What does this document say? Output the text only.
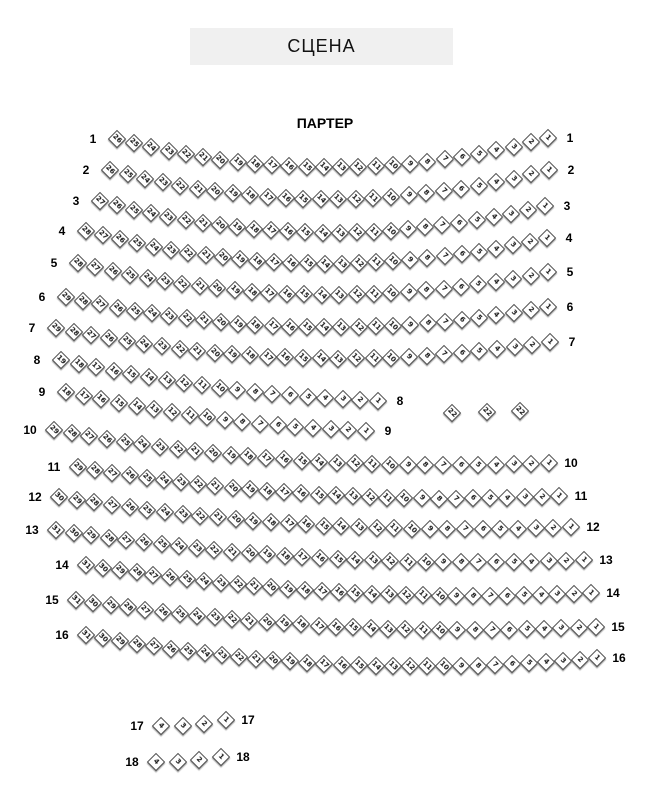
СЦЕНА
ПАРТЕР
1	1
26 25 24 23 22 21 20 19 18 17 16 15 14 13 12 11 10 9 8 7 6 5 4 3 2 1
2	2
26 25 24 23 22 21 20 19 18 17 16 15 14 13 12 11 10 9 8 7 6 5 4 3 2 1
3	3
27 26 25 24 23 22 21 20 19 18 17 16 15 14 13 12 11 10 9 8 7 6 5 4 3 2 1
4	4
28 27 26 25 24 23 22 21 20 19 18 17 16 15 14 13 12 11 10 9 8 7 6 5 4 3 2 1
5
5
28 27 26 25 24 23 22 21 20 19 18 17 16 15 14 13 12 11 10 9 8 7 6 5 4 3 2 1
6
6
29 28 27 26 25 24 23 22 21 20 19 18 17 16 15 14 13 12 11 10 9 8 7 6 5 4 3 2 1
7
7
29 28 27 26 25 24 23 22 21 20 19 18 17 16 15 14 13 12 11 10 9 8 7 6 5 4 3 2 1
8
8
19 18 17 16 15 14 13 12 11 10 9 8 7 6 5 4 3 2 1
9
9
18 17 16 15 14 13 12 11 10 9 8 7 6 5 4 3 2 1
10
10
29 28 27 26 25 24 23 22 21 20 19 18 17 16 15 14 13 12 11 10 9 8 7 6 5 4 3 2 1
11
11
29 28 27 26 25 24 23 22 21 20 19 18 17 16 15 14 13 12 11 10 9 8 7 6 5 4 3 2 1
12
12
30 29 28 27 26 25 24 23 22 21 20 19 18 17 16 15 14 13 12 11 10 9 8 7 6 5 4 3 2 1
13
13
31 30 29 28 27 26 25 24 23 22 21 20 19 18 17 16 15 14 13 12 11 10 9 8 7 6 5 4 3 2 1
14
14
31 30 29 28 27 26 25 24 23 22 21 20 19 18 17 16 15 14 13 12 11 10 9 8 7 6 5 4 3 2 1
15
15
31 30 29 28 27 26 25 24 23 22 21 20 19 18 17 16 15 14 13 12 11 10 9 8 7 6 5 4 3 2 1
16
16
31 30 29 28 27 26 25 24 23 22 21 20 19 18 17 16 15 14 13 12 11 10 9 8 7 6 5 4 3 2 1
17	17
4 3 2 1
18	18
4 3 2 1
22	22	22
